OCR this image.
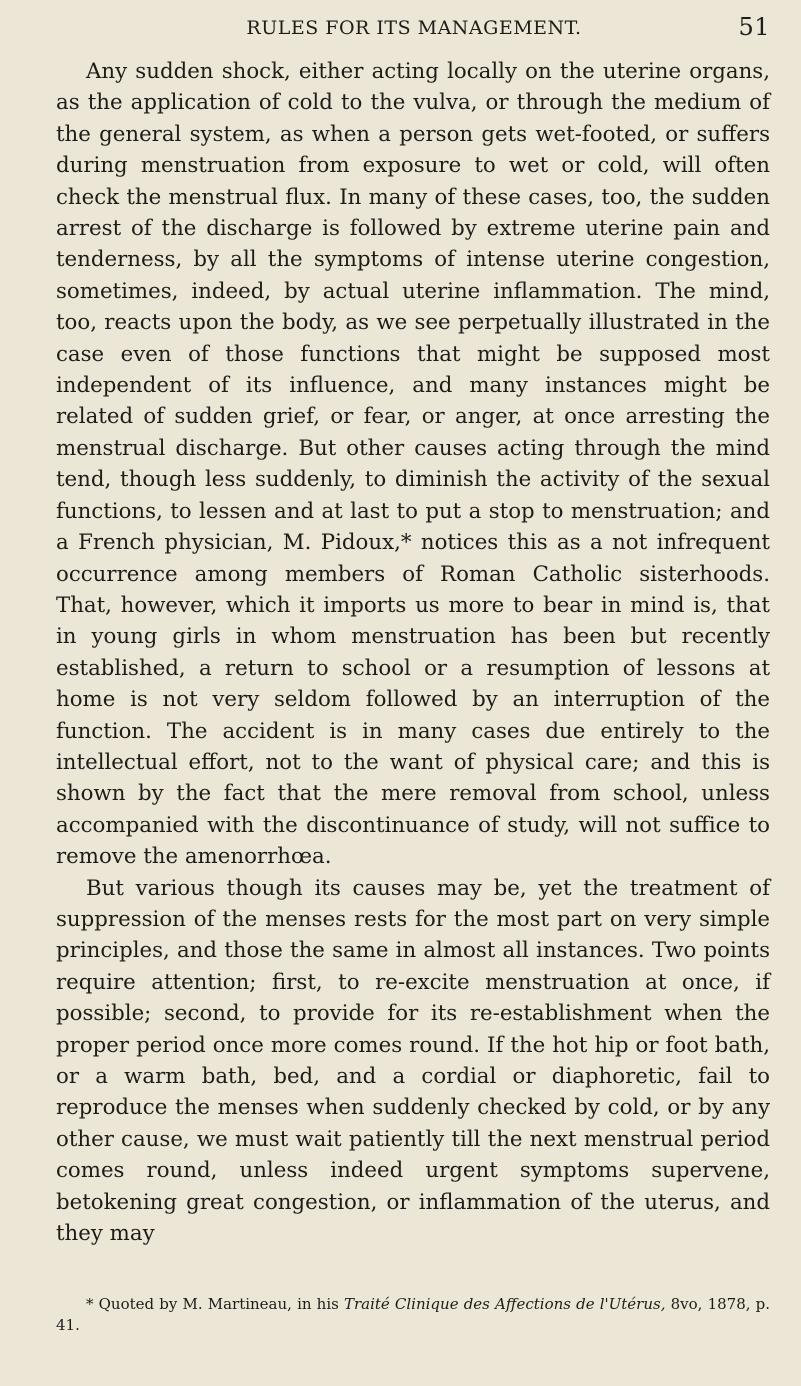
RULES FOR ITS MANAGEMENT.	51

Any sudden shock, either acting locally on the uterine organs, as the application of cold to the vulva, or through the medium of the general system, as when a person gets wet-footed, or suffers during menstruation from exposure to wet or cold, will often check the menstrual flux. In many of these cases, too, the sudden arrest of the discharge is followed by extreme uterine pain and tenderness, by all the symptoms of intense uterine congestion, sometimes, indeed, by actual uterine inflammation. The mind, too, reacts upon the body, as we see perpetually illustrated in the case even of those functions that might be supposed most independent of its influence, and many instances might be related of sudden grief, or fear, or anger, at once arresting the menstrual discharge. But other causes acting through the mind tend, though less suddenly, to diminish the activity of the sexual functions, to lessen and at last to put a stop to menstruation; and a French physician, M. Pidoux,* notices this as a not infrequent occurrence among members of Roman Catholic sisterhoods. That, however, which it imports us more to bear in mind is, that in young girls in whom menstruation has been but recently established, a return to school or a resumption of lessons at home is not very seldom followed by an interruption of the function. The accident is in many cases due entirely to the intellectual effort, not to the want of physical care; and this is shown by the fact that the mere removal from school, unless accompanied with the discontinuance of study, will not suffice to remove the amenorrhœa.

But various though its causes may be, yet the treatment of suppression of the menses rests for the most part on very simple principles, and those the same in almost all instances. Two points require attention; first, to re-excite menstruation at once, if possible; second, to provide for its re-establishment when the proper period once more comes round. If the hot hip or foot bath, or a warm bath, bed, and a cordial or diaphoretic, fail to reproduce the menses when suddenly checked by cold, or by any other cause, we must wait patiently till the next menstrual period comes round, unless indeed urgent symptoms supervene, betokening great congestion, or inflammation of the uterus, and they may

* Quoted by M. Martineau, in his Traité Clinique des Affections de l'Utérus, 8vo, 1878, p. 41.
